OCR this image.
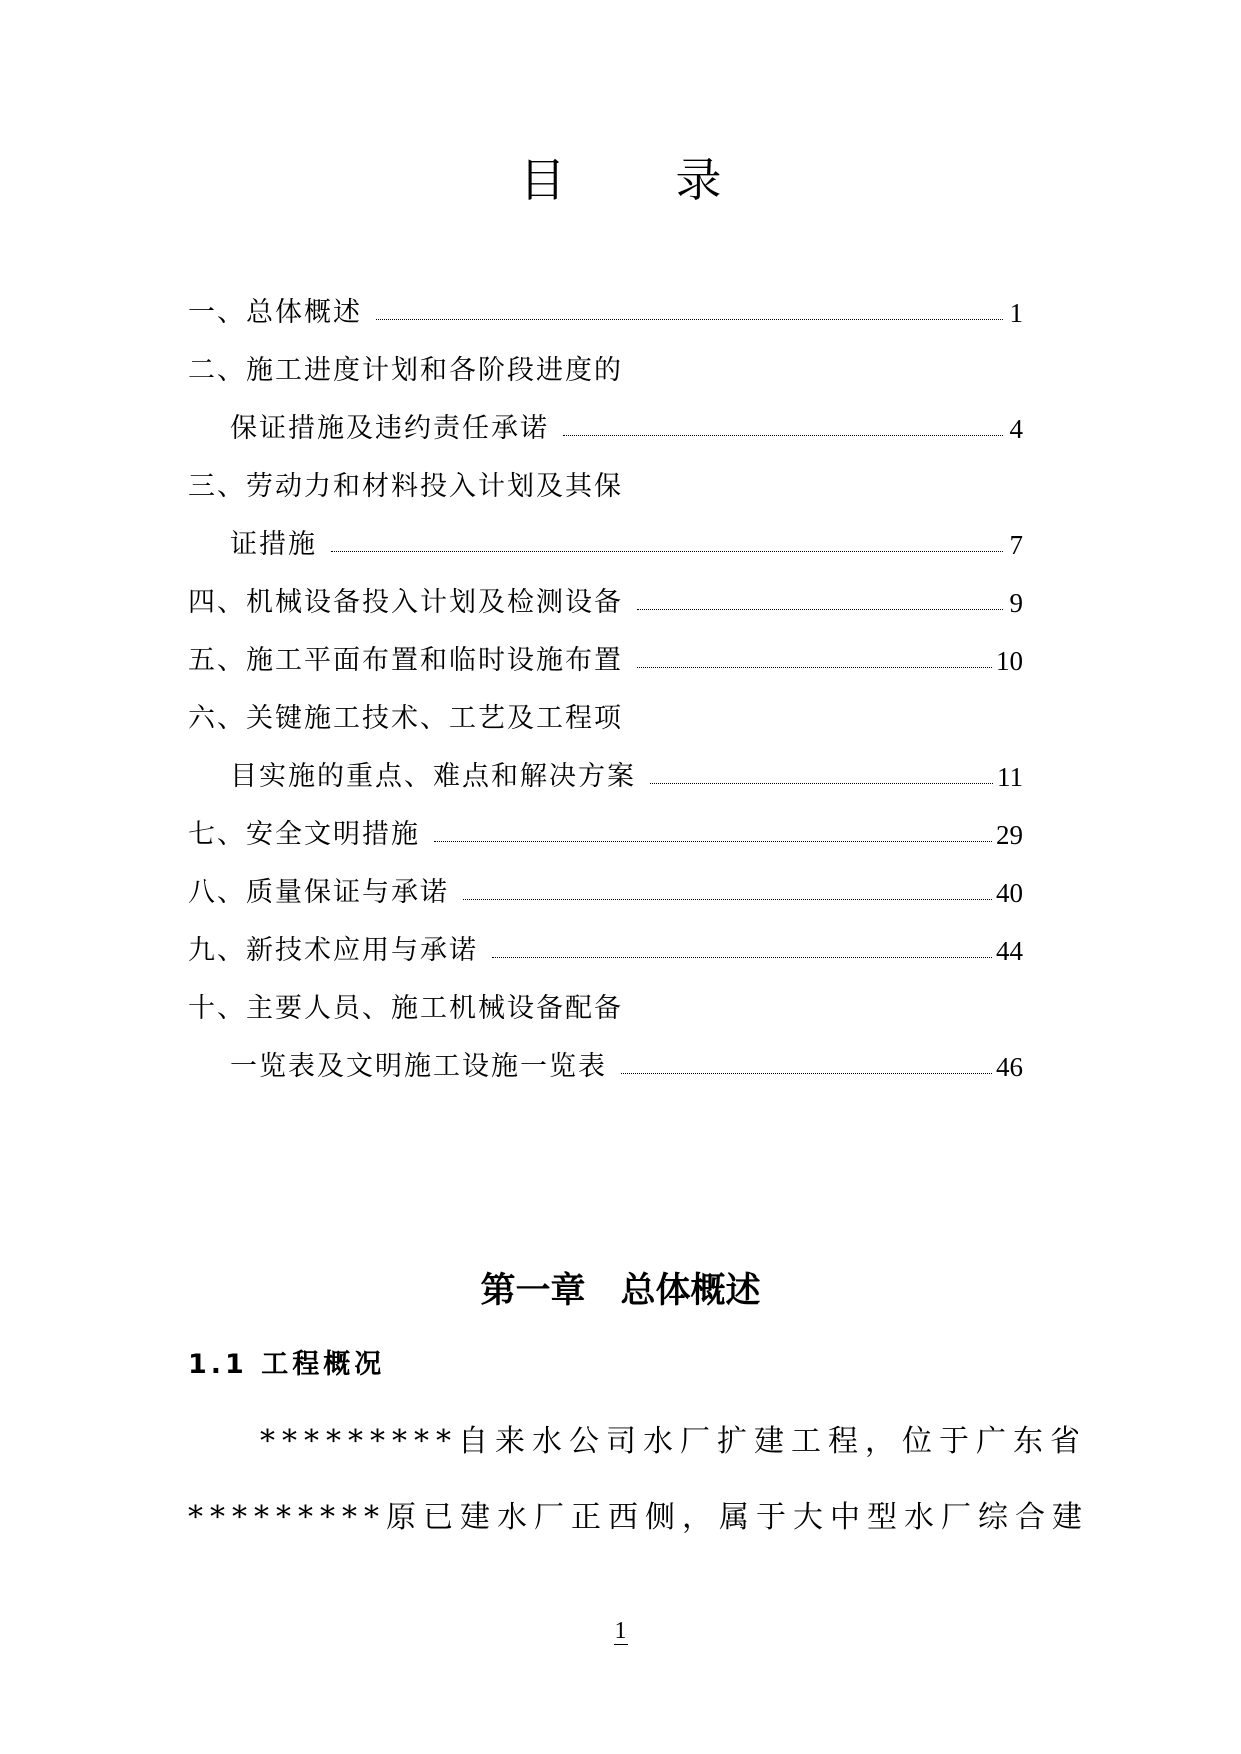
目 录
一、总体概述	1
二、施工进度计划和各阶段进度的
保证措施及违约责任承诺	4
三、劳动力和材料投入计划及其保
证措施	7
四、机械设备投入计划及检测设备	9
五、施工平面布置和临时设施布置	10
六、关键施工技术、工艺及工程项
目实施的重点、难点和解决方案	11
七、安全文明措施	29
八、质量保证与承诺	40
九、新技术应用与承诺	44
十、主要人员、施工机械设备配备
一览表及文明施工设施一览表	46
第一章　总体概述
1.1 工程概况
*********自来水公司水厂扩建工程，位于广东省
*********原已建水厂正西侧，属于大中型水厂综合建
1
